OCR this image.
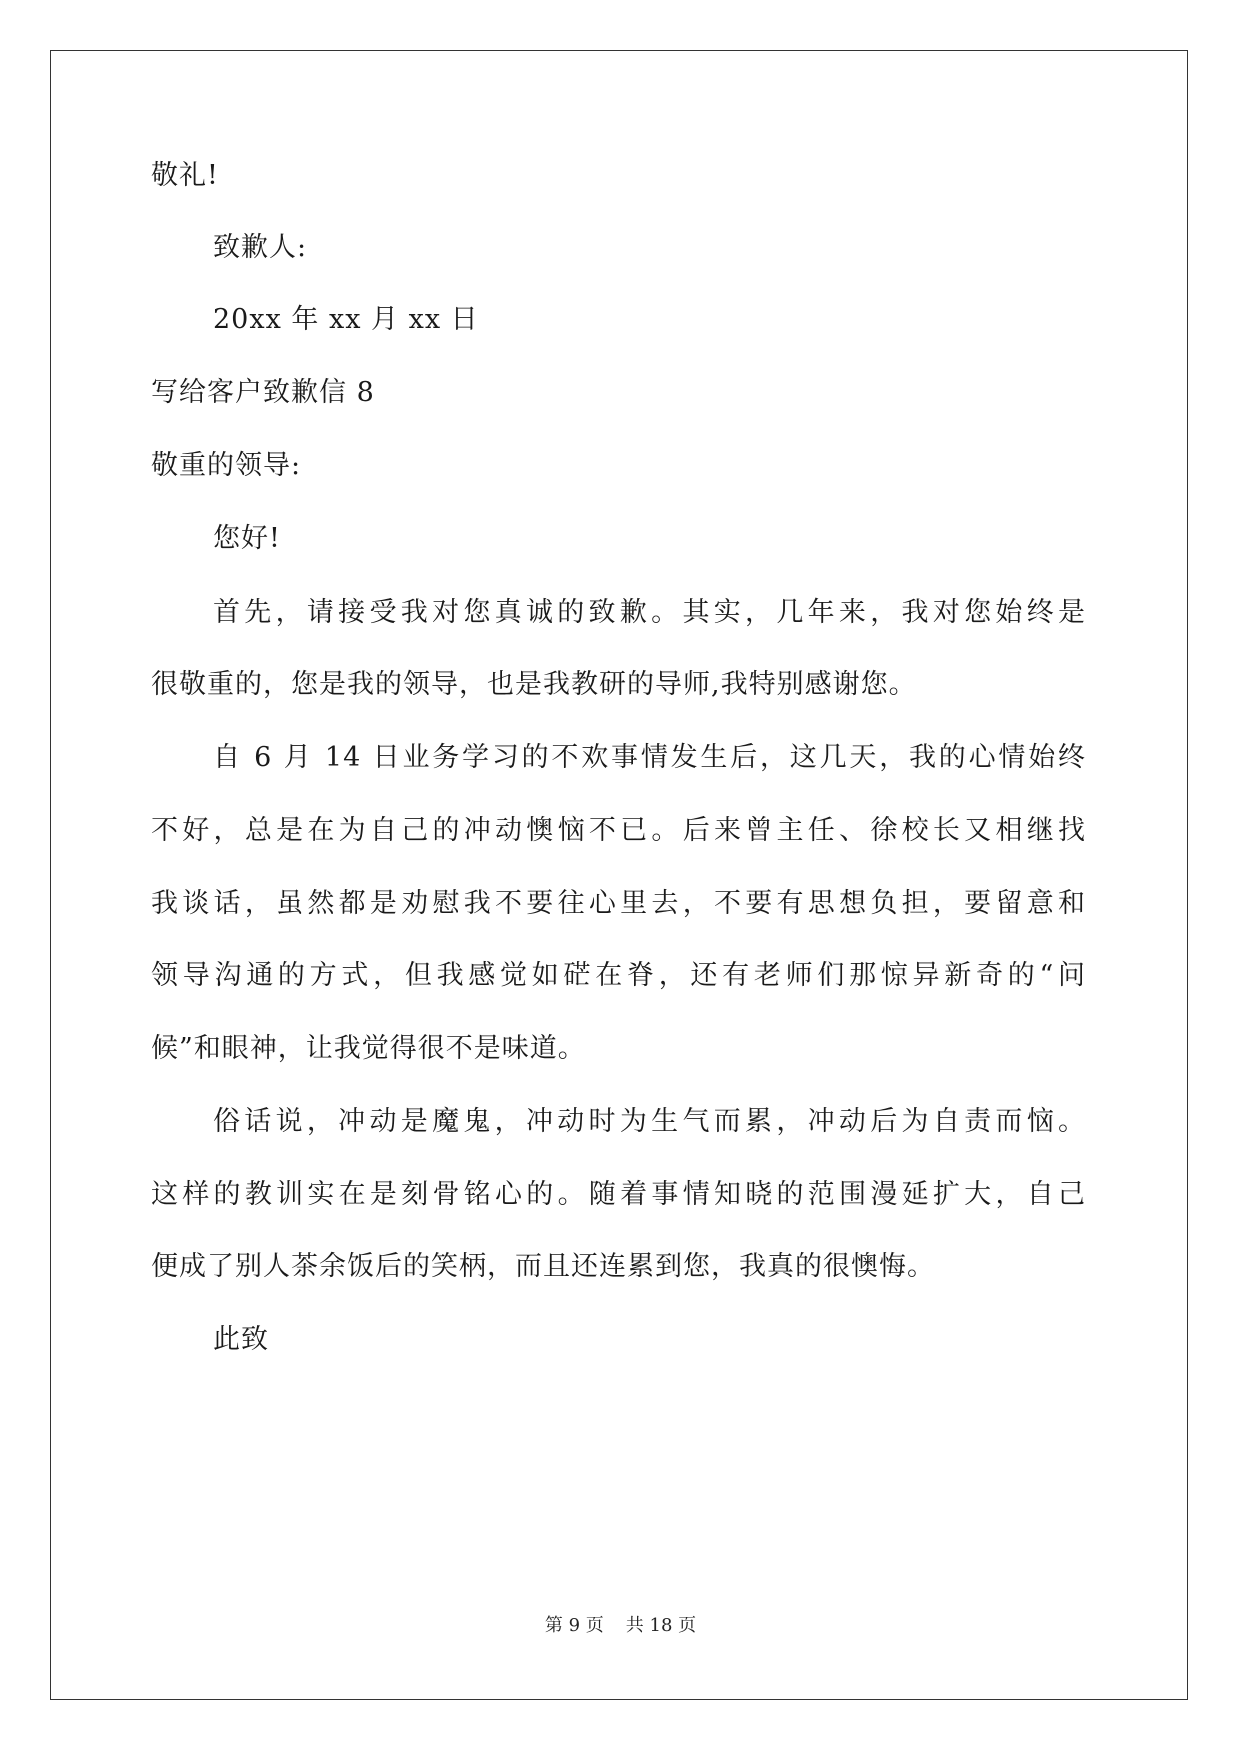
敬礼!
致歉人:
20xx 年 xx 月 xx 日
写给客户致歉信 8
敬重的领导:
您好!
首先，请接受我对您真诚的致歉。其实，几年来，我对您始终是
很敬重的，您是我的领导，也是我教研的导师,我特别感谢您。
自 6 月 14 日业务学习的不欢事情发生后，这几天，我的心情始终
不好，总是在为自己的冲动懊恼不已。后来曾主任、徐校长又相继找
我谈话，虽然都是劝慰我不要往心里去，不要有思想负担，要留意和
领导沟通的方式，但我感觉如硭在脊，还有老师们那惊异新奇的“问
候”和眼神，让我觉得很不是味道。
俗话说，冲动是魔鬼，冲动时为生气而累，冲动后为自责而恼。
这样的教训实在是刻骨铭心的。随着事情知晓的范围漫延扩大，自己
便成了别人茶余饭后的笑柄，而且还连累到您，我真的很懊悔。
此致
第 9 页 共 18 页
